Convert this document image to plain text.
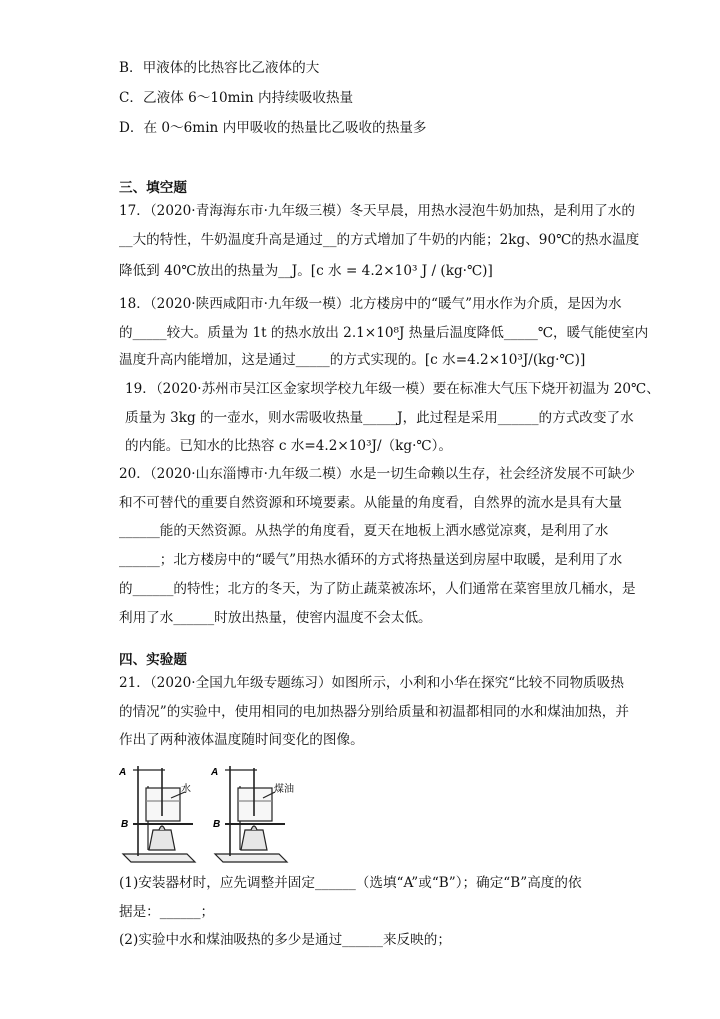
B．甲液体的比热容比乙液体的大
C．乙液体 6～10min 内持续吸收热量
D．在 0～6min 内甲吸收的热量比乙吸收的热量多
三、填空题
17．（2020·青海海东市·九年级三模）冬天早晨，用热水浸泡牛奶加热，是利用了水的
__大的特性，牛奶温度升高是通过__的方式增加了牛奶的内能；2kg、90℃的热水温度
降低到 40℃放出的热量为__J。[c 水 = 4.2×10³ J / (kg·℃)]
18．（2020·陕西咸阳市·九年级一模）北方楼房中的“暖气”用水作为介质，是因为水
的_____较大。质量为 1t 的热水放出 2.1×10⁸J 热量后温度降低_____℃，暖气能使室内
温度升高内能增加，这是通过_____的方式实现的。[c 水=4.2×10³J/(kg·℃)]
19．（2020·苏州市吴江区金家坝学校九年级一模）要在标准大气压下烧开初温为 20℃、
质量为 3kg 的一壶水，则水需吸收热量_____J，此过程是采用______的方式改变了水
的内能。已知水的比热容 c 水=4.2×10³J/（kg·℃）。
20．（2020·山东淄博市·九年级二模）水是一切生命赖以生存，社会经济发展不可缺少
和不可替代的重要自然资源和环境要素。从能量的角度看，自然界的流水是具有大量
______能的天然资源。从热学的角度看，夏天在地板上洒水感觉凉爽，是利用了水
______；北方楼房中的“暖气”用热水循环的方式将热量送到房屋中取暖，是利用了水
的______的特性；北方的冬天，为了防止蔬菜被冻坏，人们通常在菜窖里放几桶水，是
利用了水______时放出热量，使窖内温度不会太低。
四、实验题
21．（2020·全国九年级专题练习）如图所示，小利和小华在探究“比较不同物质吸热
的情况”的实验中，使用相同的电加热器分别给质量和初温都相同的水和煤油加热，并
作出了两种液体温度随时间变化的图像。
A
B
水
A
B
煤油
(1)安装器材时，应先调整并固定______（选填“A”或“B”）；确定“B”高度的依
据是：______；
(2)实验中水和煤油吸热的多少是通过______来反映的；
